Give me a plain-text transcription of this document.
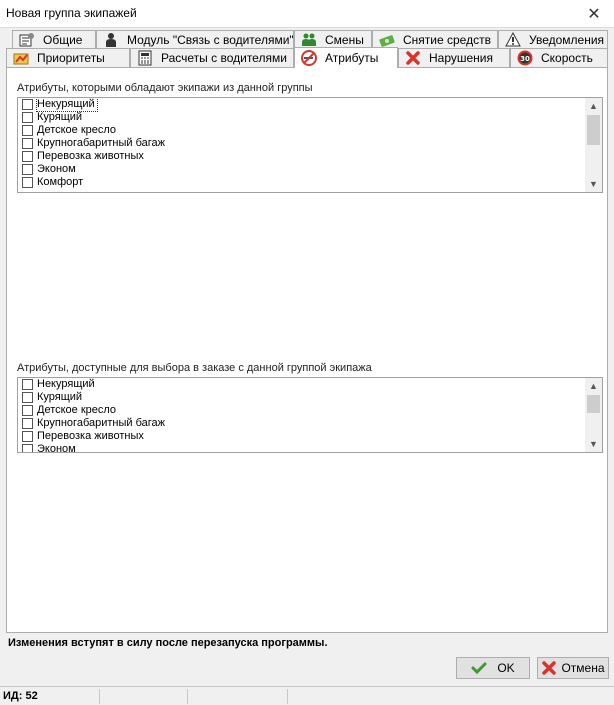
Новая группа экипажей	✕
Общие	Модуль "Связь с водителями"	Смены	Снятие средств	Уведомления
Приоритеты	Расчеты с водителями	Атрибуты	Нарушения	30 Скорость
Атрибуты, которыми обладают экипажи из данной группы
Некурящий
Курящий
Детское кресло
Крупногабаритный багаж
Перевозка животных
Эконом
Комфорт
▲
▼
Атрибуты, доступные для выбора в заказе с данной группой экипажа
Некурящий
Курящий
Детское кресло
Крупногабаритный багаж
Перевозка животных
Эконом
▲
▼
Изменения вступят в силу после перезапуска программы.
OK	Отмена
ИД: 52
